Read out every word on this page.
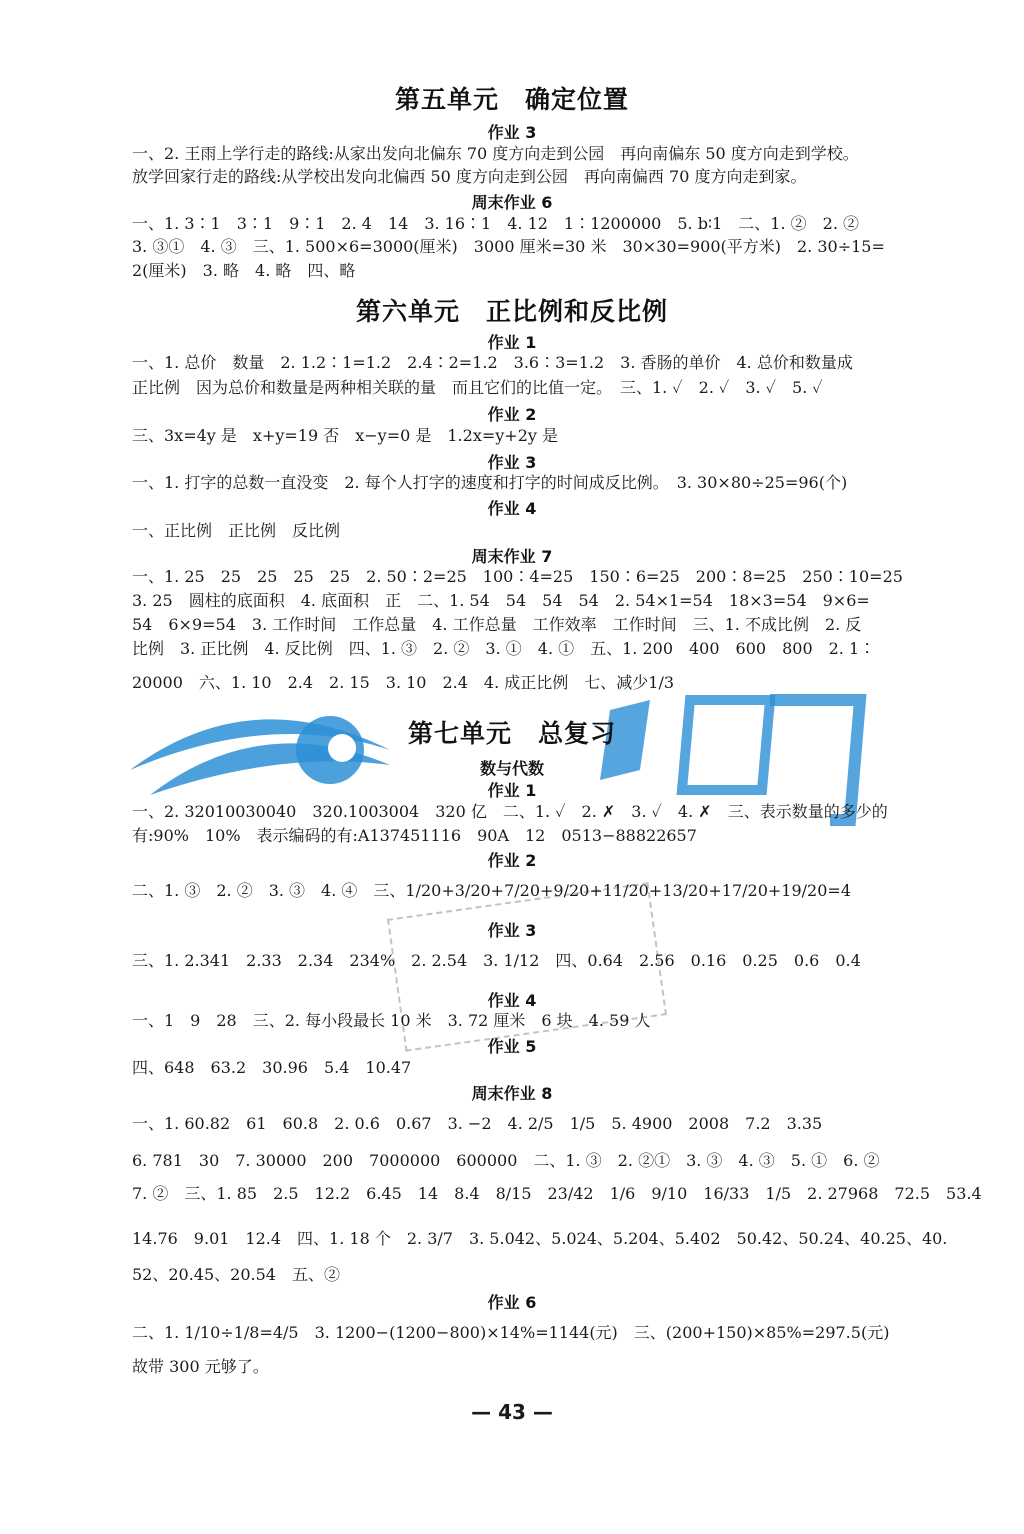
第五单元　确定位置
作业 3
一、2. 王雨上学行走的路线:从家出发向北偏东 70 度方向走到公园　再向南偏东 50 度方向走到学校。
放学回家行走的路线:从学校出发向北偏西 50 度方向走到公园　再向南偏西 70 度方向走到家。
周末作业 6
一、1. 3∶1　3∶1　9∶1　2. 4　14　3. 16∶1　4. 12　1∶1200000　5. b∶1　二、1. ②　2. ②
3. ③①　4. ③　三、1. 500×6=3000(厘米)　3000 厘米=30 米　30×30=900(平方米)　2. 30÷15=
2(厘米)　3. 略　4. 略　四、略
第六单元　正比例和反比例
作业 1
一、1. 总价　数量　2. 1.2∶1=1.2　2.4∶2=1.2　3.6∶3=1.2　3. 香肠的单价　4. 总价和数量成
正比例　因为总价和数量是两种相关联的量　而且它们的比值一定。　三、1. ✓　2. ✓　3. ✓　5. ✓
作业 2
三、3x=4y 是　x+y=19 否　x−y=0 是　1.2x=y+2y 是
作业 3
一、1. 打字的总数一直没变　2. 每个人打字的速度和打字的时间成反比例。　3. 30×80÷25=96(个)
作业 4
一、正比例　正比例　反比例
周末作业 7
一、1. 25　25　25　25　25　2. 50∶2=25　100∶4=25　150∶6=25　200∶8=25　250∶10=25
3. 25　圆柱的底面积　4. 底面积　正　二、1. 54　54　54　54　2. 54×1=54　18×3=54　9×6=
54　6×9=54　3. 工作时间　工作总量　4. 工作总量　工作效率　工作时间　三、1. 不成比例　2. 反
比例　3. 正比例　4. 反比例　四、1. ③　2. ②　3. ①　4. ①　五、1. 200　400　600　800　2. 1∶
20000　六、1. 10　2.4　2. 15　3. 10　2.4　4. 成正比例　七、减少1/3
第七单元　总复习
数与代数
作业 1
一、2. 32010030040　320.1003004　320 亿　二、1. ✓　2. ✗　3. ✓　4. ✗　三、表示数量的多少的
有:90%　10%　表示编码的有:A137451116　90A　12　0513−88822657
作业 2
二、1. ③　2. ②　3. ③　4. ④　三、1/20+3/20+7/20+9/20+11/20+13/20+17/20+19/20=4
作业 3
三、1. 2.341　2.33　2.34　234%　2. 2.54　3. 1/12　四、0.64　2.56　0.16　0.25　0.6　0.4
作业 4
一、1　9　28　三、2. 每小段最长 10 米　3. 72 厘米　6 块　4. 59 人
作业 5
四、648　63.2　30.96　5.4　10.47
周末作业 8
一、1. 60.82　61　60.8　2. 0.6̇　0.67　3. −2　4. 2/5　1/5　5. 4900　2008　7.2　3.35
6. 781　30　7. 30000　200　7000000　600000　二、1. ③　2. ②①　3. ③　4. ③　5. ①　6. ②
7. ②　三、1. 85　2.5　12.2　6.45　14　8.4　8/15　23/42　1/6　9/10　16/33　1/5　2. 27968　72.5　53.4
14.76　9.01　12.4　四、1. 18 个　2. 3/7　3. 5.042、5.024、5.204、5.402　50.42、50.24、40.25、40.
52、20.45、20.54　五、②
作业 6
二、1. 1/10÷1/8=4/5　3. 1200−(1200−800)×14%=1144(元)　三、(200+150)×85%=297.5(元)
故带 300 元够了。
— 43 —
